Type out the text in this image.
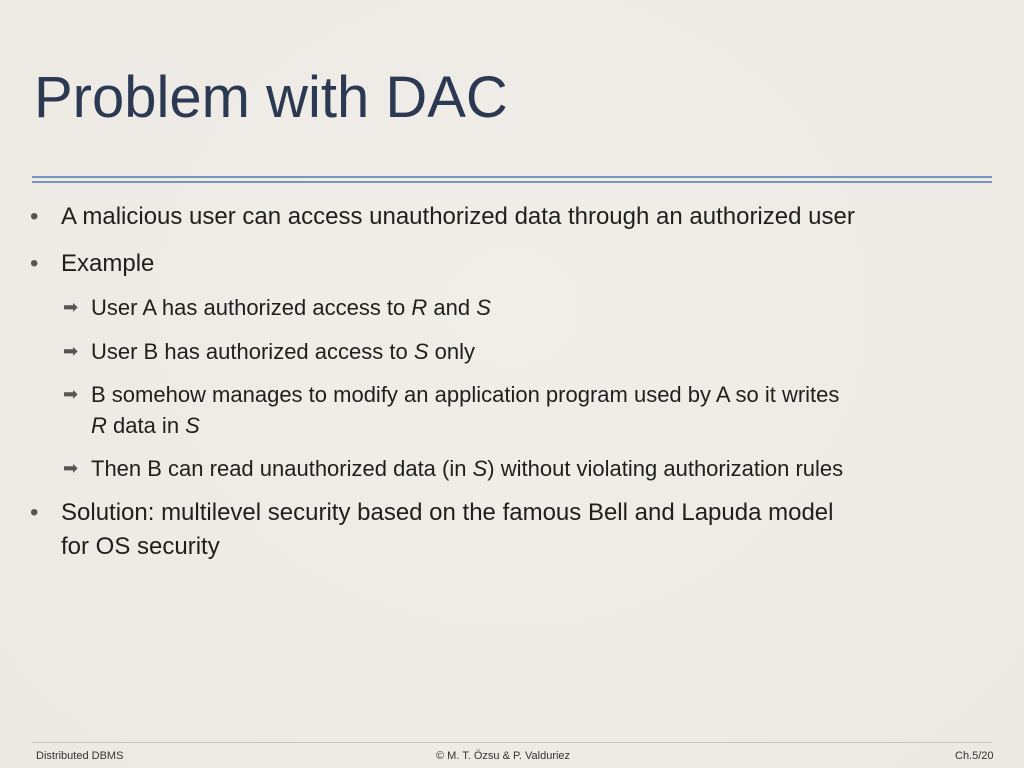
Problem with DAC
• A malicious user can access unauthorized data through an authorized user
• Example
➡ User A has authorized access to R and S
➡ User B has authorized access to S only
➡ B somehow manages to modify an application program used by A so it writes
R data in S
➡ Then B can read unauthorized data (in S) without violating authorization rules
• Solution: multilevel security based on the famous Bell and Lapuda model
for OS security
Distributed DBMS	© M. T. Özsu & P. Valduriez	Ch.5/20
